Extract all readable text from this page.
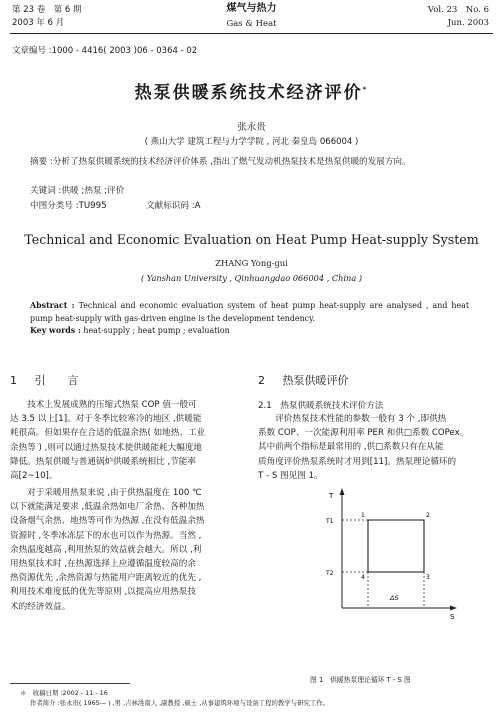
第 23 卷　第 6 期
2003 年 6 月
煤气与热力
Gas & Heat
Vol. 23　No. 6
Jun. 2003
文章编号 :1000 - 4416( 2003 )06 - 0364 - 02
热泵供暖系统技术经济评价*
张永贵
( 燕山大学 建筑工程与力学学院 , 河北 秦皇岛 066004 )
摘要 :分析了热泵供暖系统的技术经济评价体系 ,指出了燃气发动机热泵技术是热泵供暖的发展方向。
关键词 :供暖 ;热泵 ;评价
中图分类号 :TU995	文献标识码 :A
Technical and Economic Evaluation on Heat Pump Heat-supply System
ZHANG Yong-gui
( Yanshan University , Qinhuangdao 066004 , China )
Abstract : Technical and economic evaluation system of heat pump heat-supply are analysed , and heat pump heat-supply with gas-driven engine is the development tendency.
Key words : heat-supply ; heat pump ; evaluation
1 引　　言
技术上发展成熟的压缩式热泵 COP 值一般可
达 3.5 以上[1]。对于冬季比较寒冷的地区 ,供暖能
耗很高。但如果存在合适的低温余热( 如地热、工业
余热等 ) ,则可以通过热泵技术使供暖能耗大幅度地
降低。热泵供暖与普通锅炉供暖系统相比 ,节能率
高[2~10]。
对于采暖用热泵来说 ,由于供热温度在 100 ℃
以下就能满足要求 ,低温余热如电厂余热、各种加热
设备烟气余热、地热等可作为热源 ,在没有低温余热
资源时 ,冬季冰冻层下的水也可以作为热源。当然 ,
余热温度越高 ,利用热泵的效益就会越大。所以 ,利
用热泵技术时 ,在热源选择上应遵循温度较高的余
热资源优先 ,余热资源与热能用户距离较近的优先 ,
利用技术难度低的优先等原则 ,以提高应用热泵技
术的经济效益。
2 热泵供暖评价
2.1　热泵供暖系统技术评价方法
评价热泵技术性能的参数一般有 3 个 ,即供热
系数 COP、一次能源利用率 PER 和供□系数 COPex。
其中前两个指标是最常用的 ,供□系数只有在从能
质角度评价热泵系统时才用到[11]。热泵理论循环的
T - S 图见图 1。
T
S
T1
T2
1	2
3
4
ΔS
图 1　供暖热泵理论循环 T - S 图
＊　收稿日期 :2002 - 11 - 16
作者简介 :张永贵( 1965— ) ,男 ,吉林洮南人 ,副教授 ,硕士 ,从事建筑环境与设备工程的教学与研究工作。
